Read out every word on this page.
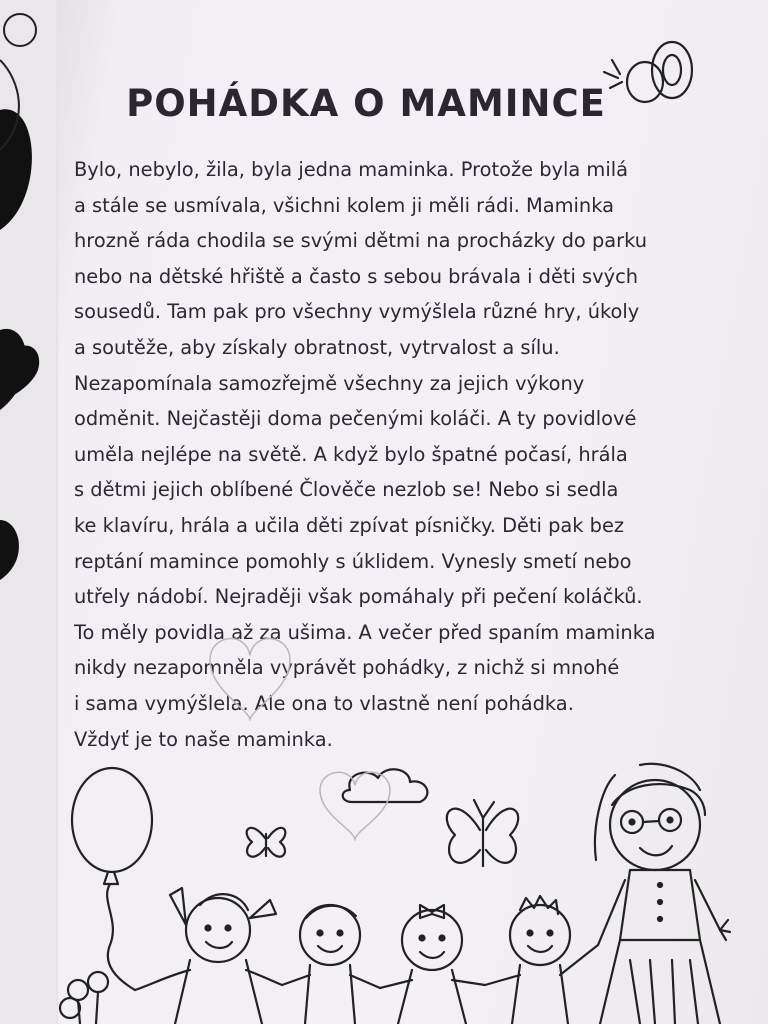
POHÁDKA O MAMINCE
Bylo, nebylo, žila, byla jedna maminka. Protože byla milá
a stále se usmívala, všichni kolem ji měli rádi. Maminka
hrozně ráda chodila se svými dětmi na procházky do parku
nebo na dětské hřiště a často s sebou brávala i děti svých
sousedů. Tam pak pro všechny vymýšlela různé hry, úkoly
a soutěže, aby získaly obratnost, vytrvalost a sílu.
Nezapomínala samozřejmě všechny za jejich výkony
odměnit. Nejčastěji doma pečenými koláči. A ty povidlové
uměla nejlépe na světě. A když bylo špatné počasí, hrála
s dětmi jejich oblíbené Člověče nezlob se! Nebo si sedla
ke klavíru, hrála a učila děti zpívat písničky. Děti pak bez
reptání mamince pomohly s úklidem. Vynesly smetí nebo
utřely nádobí. Nejraději však pomáhaly při pečení koláčků.
To měly povidla až za ušima. A večer před spaním maminka
nikdy nezapomněla vyprávět pohádky, z nichž si mnohé
i sama vymýšlela. Ale ona to vlastně není pohádka.
Vždyť je to naše maminka.
